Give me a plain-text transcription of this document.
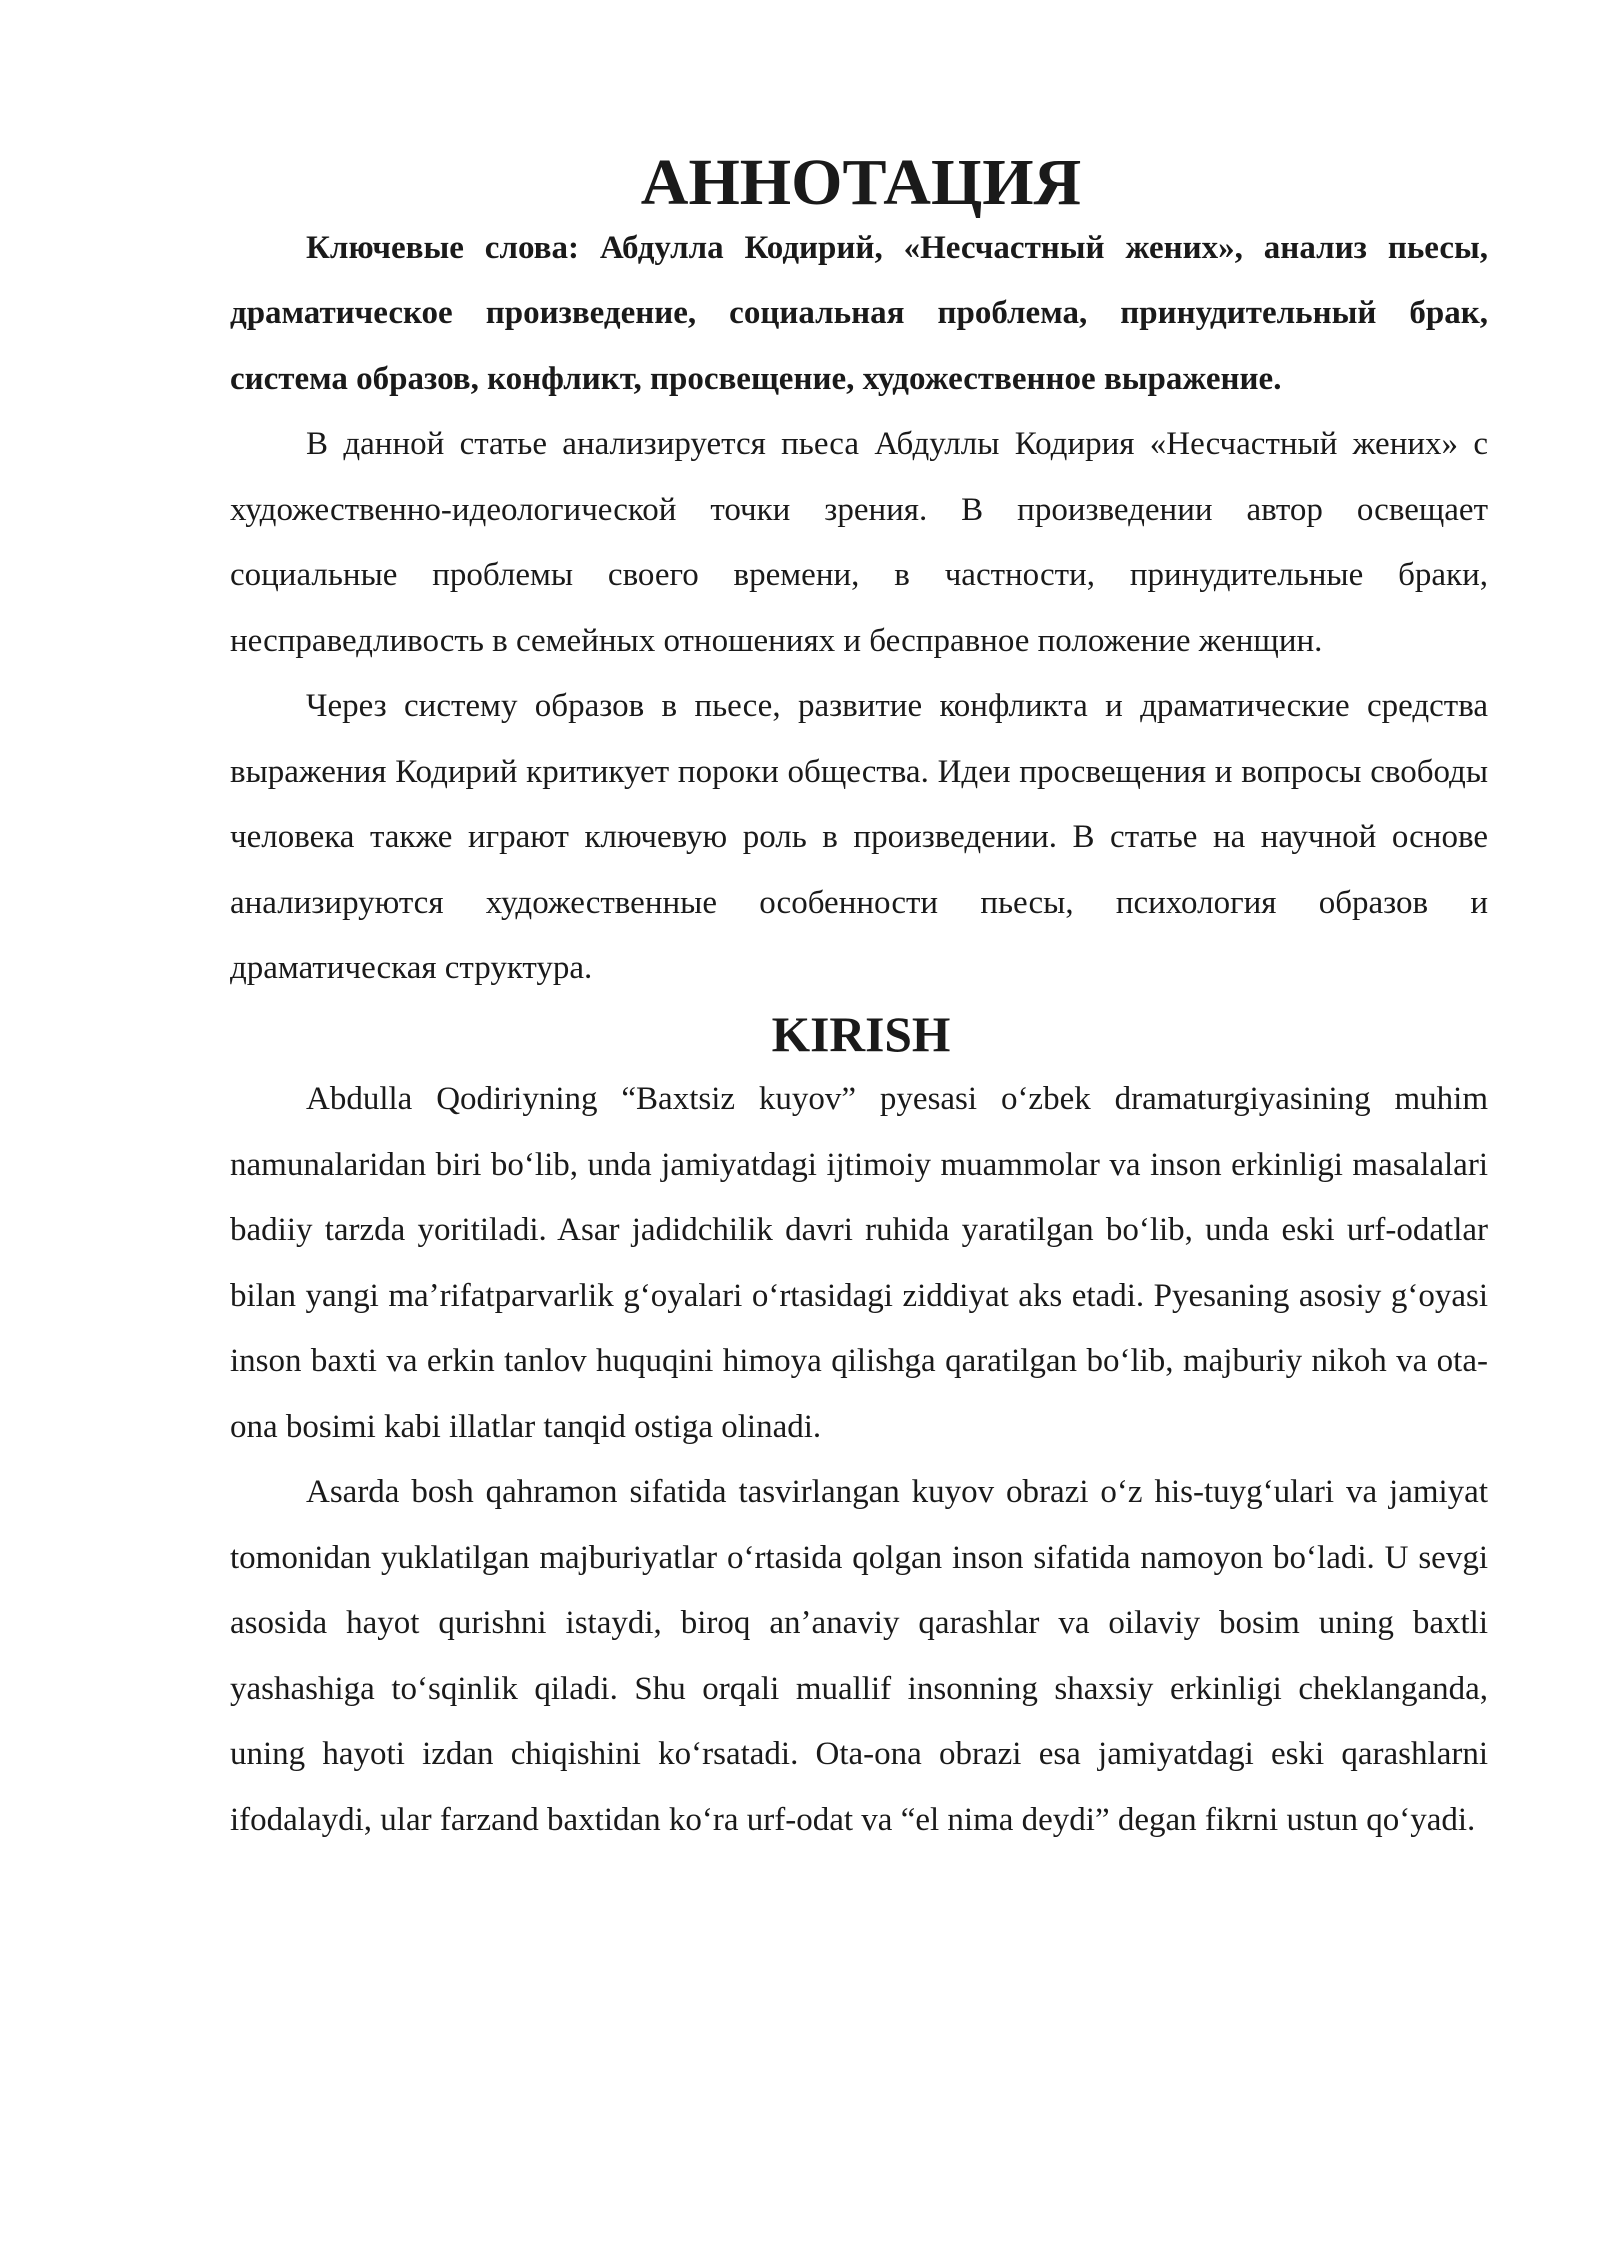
АННОТАЦИЯ

Ключевые слова: Абдулла Кодирий, «Несчастный жених», анализ пьесы, драматическое произведение, социальная проблема, принудительный брак, система образов, конфликт, просвещение, художественное выражение.

В данной статье анализируется пьеса Абдуллы Кодирия «Несчастный жених» с художественно-идеологической точки зрения. В произведении автор освещает социальные проблемы своего времени, в частности, принудительные браки, несправедливость в семейных отношениях и бесправное положение женщин.

Через систему образов в пьесе, развитие конфликта и драматические средства выражения Кодирий критикует пороки общества. Идеи просвещения и вопросы свободы человека также играют ключевую роль в произведении. В статье на научной основе анализируются художественные особенности пьесы, психология образов и драматическая структура.

KIRISH

Abdulla Qodiriyning “Baxtsiz kuyov” pyesasi oʻzbek dramaturgiyasining muhim namunalaridan biri boʻlib, unda jamiyatdagi ijtimoiy muammolar va inson erkinligi masalalari badiiy tarzda yoritiladi. Asar jadidchilik davri ruhida yaratilgan boʻlib, unda eski urf-odatlar bilan yangi maʼrifatparvarlik gʻoyalari oʻrtasidagi ziddiyat aks etadi. Pyesaning asosiy gʻoyasi inson baxti va erkin tanlov huquqini himoya qilishga qaratilgan boʻlib, majburiy nikoh va ota-ona bosimi kabi illatlar tanqid ostiga olinadi.

Asarda bosh qahramon sifatida tasvirlangan kuyov obrazi oʻz his-tuygʻulari va jamiyat tomonidan yuklatilgan majburiyatlar oʻrtasida qolgan inson sifatida namoyon boʻladi. U sevgi asosida hayot qurishni istaydi, biroq anʼanaviy qarashlar va oilaviy bosim uning baxtli yashashiga toʻsqinlik qiladi. Shu orqali muallif insonning shaxsiy erkinligi cheklanganda, uning hayoti izdan chiqishini koʻrsatadi. Ota-ona obrazi esa jamiyatdagi eski qarashlarni ifodalaydi, ular farzand baxtidan koʻra urf-odat va “el nima deydi” degan fikrni ustun qoʻyadi.
